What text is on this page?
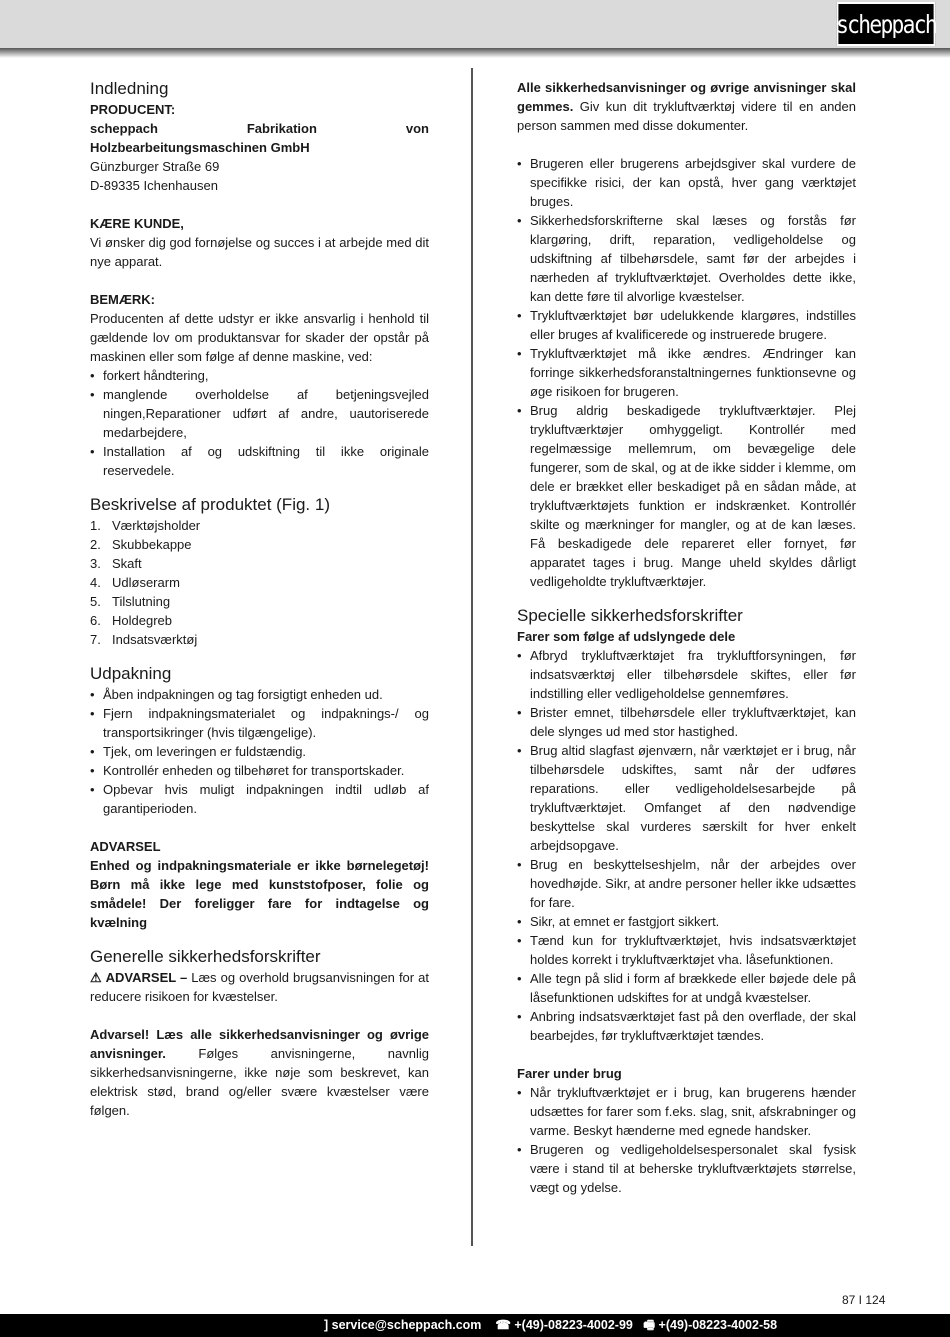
scheppach
Indledning

PRODUCENT:

scheppach Fabrikation von Holzbearbeitungsmaschinen GmbH

Günzburger Straße 69

D-89335 Ichenhausen

KÆRE KUNDE,

Vi ønsker dig god fornøjelse og succes i at arbejde med dit nye apparat.

BEMÆRK:

Producenten af dette udstyr er ikke ansvarlig i henhold til gældende lov om produktansvar for skader der opstår på maskinen eller som følge af denne maskine, ved:

• forkert håndtering,
• manglende overholdelse af betjeningsvejled ningen,Reparationer udført af andre, uautoriserede medarbejdere,
• Installation af og udskiftning til ikke originale reservedele.
Beskrivelse af produktet (Fig. 1)
1. Værktøjsholder
2. Skubbekappe
3. Skaft
4. Udløserarm
5. Tilslutning
6. Holdegreb
7. Indsatsværktøj
Udpakning
• Åben indpakningen og tag forsigtigt enheden ud.
• Fjern indpakningsmaterialet og indpaknings-/ og transportsikringer (hvis tilgængelige).
• Tjek, om leveringen er fuldstændig.
• Kontrollér enheden og tilbehøret for transportskader.
• Opbevar hvis muligt indpakningen indtil udløb af garantiperioden.

ADVARSEL

Enhed og indpakningsmateriale er ikke børnelegetøj! Børn må ikke lege med kunststofposer, folie og smådele! Der foreligger fare for indtagelse og kvælning

Generelle sikkerhedsforskrifter

⚠ ADVARSEL – Læs og overhold brugsanvisningen for at reducere risikoen for kvæstelser.

Advarsel! Læs alle sikkerhedsanvisninger og øvrige anvisninger. Følges anvisningerne, navnlig sikkerhedsanvisningerne, ikke nøje som beskrevet, kan elektrisk stød, brand og/eller svære kvæstelser være følgen.

Alle sikkerhedsanvisninger og øvrige anvisninger skal gemmes. Giv kun dit trykluftværktøj videre til en anden person sammen med disse dokumenter.

• Brugeren eller brugerens arbejdsgiver skal vurdere de specifikke risici, der kan opstå, hver gang værktøjet bruges.
• Sikkerhedsforskrifterne skal læses og forstås før klargøring, drift, reparation, vedligeholdelse og udskiftning af tilbehørsdele, samt før der arbejdes i nærheden af trykluftværktøjet. Overholdes dette ikke, kan dette føre til alvorlige kvæstelser.
• Trykluftværktøjet bør udelukkende klargøres, indstilles eller bruges af kvalificerede og instruerede brugere.
• Trykluftværktøjet må ikke ændres. Ændringer kan forringe sikkerhedsforanstaltningernes funktionsevne og øge risikoen for brugeren.
• Brug aldrig beskadigede trykluftværktøjer. Plej trykluftværktøjer omhyggeligt. Kontrollér med regelmæssige mellemrum, om bevægelige dele fungerer, som de skal, og at de ikke sidder i klemme, om dele er brækket eller beskadiget på en sådan måde, at trykluftværktøjets funktion er indskrænket. Kontrollér skilte og mærkninger for mangler, og at de kan læses. Få beskadigede dele repareret eller fornyet, før apparatet tages i brug. Mange uheld skyldes dårligt vedligeholdte trykluftværktøjer.
Specielle sikkerhedsforskrifter

Farer som følge af udslyngede dele

• Afbryd trykluftværktøjet fra trykluftforsyningen, før indsatsværktøj eller tilbehørsdele skiftes, eller før indstilling eller vedligeholdelse gennemføres.
• Brister emnet, tilbehørsdele eller trykluftværktøjet, kan dele slynges ud med stor hastighed.
• Brug altid slagfast øjenværn, når værktøjet er i brug, når tilbehørsdele udskiftes, samt når der udføres reparations. eller vedligeholdelsesarbejde på trykluftværktøjet. Omfanget af den nødvendige beskyttelse skal vurderes særskilt for hver enkelt arbejdsopgave.
• Brug en beskyttelseshjelm, når der arbejdes over hovedhøjde. Sikr, at andre personer heller ikke udsættes for fare.
• Sikr, at emnet er fastgjort sikkert.
• Tænd kun for trykluftværktøjet, hvis indsatsværktøjet holdes korrekt i trykluftværktøjet vha. låsefunktionen.
• Alle tegn på slid i form af brækkede eller bøjede dele på låsefunktionen udskiftes for at undgå kvæstelser.
• Anbring indsatsværktøjet fast på den overflade, der skal bearbejdes, før trykluftværktøjet tændes.

Farer under brug

• Når trykluftværktøjet er i brug, kan brugerens hænder udsættes for farer som f.eks. slag, snit, afskrabninger og varme. Beskyt hænderne med egnede handsker.
• Brugeren og vedligeholdelsespersonalet skal fysisk være i stand til at beherske trykluftværktøjets størrelse, vægt og ydelse.
87 I 124
] service@scheppach.com ☎ +(49)-08223-4002-99 🖷 +(49)-08223-4002-58
